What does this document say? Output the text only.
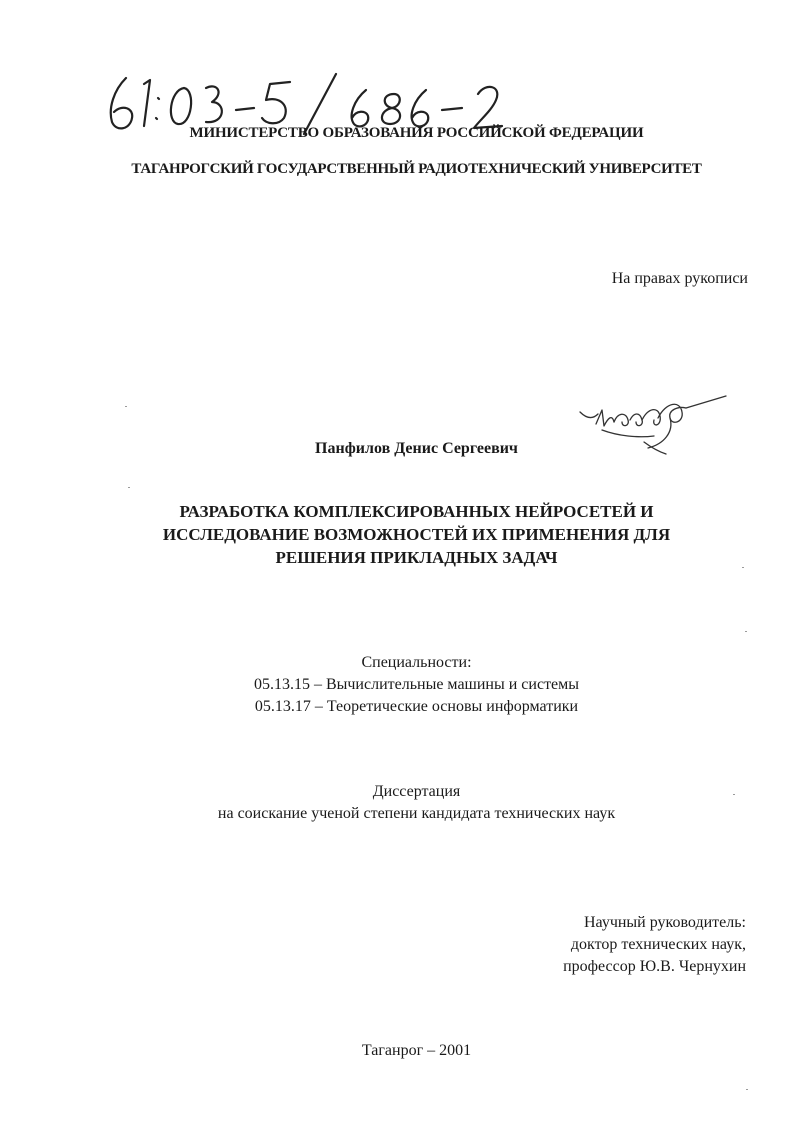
МИНИСТЕРСТВО ОБРАЗОВАНИЯ РОССИЙСКОЙ ФЕДЕРАЦИИ
ТАГАНРОГСКИЙ ГОСУДАРСТВЕННЫЙ РАДИОТЕХНИЧЕСКИЙ УНИВЕРСИТЕТ
На правах рукописи
Панфилов Денис Сергеевич
РАЗРАБОТКА КОМПЛЕКСИРОВАННЫХ НЕЙРОСЕТЕЙ И
ИССЛЕДОВАНИЕ ВОЗМОЖНОСТЕЙ ИХ ПРИМЕНЕНИЯ ДЛЯ
РЕШЕНИЯ ПРИКЛАДНЫХ ЗАДАЧ
Специальности:
05.13.15 – Вычислительные машины и системы
05.13.17 – Теоретические основы информатики
Диссертация
на соискание ученой степени кандидата технических наук
Научный руководитель:
доктор технических наук,
профессор Ю.В. Чернухин
Таганрог – 2001
